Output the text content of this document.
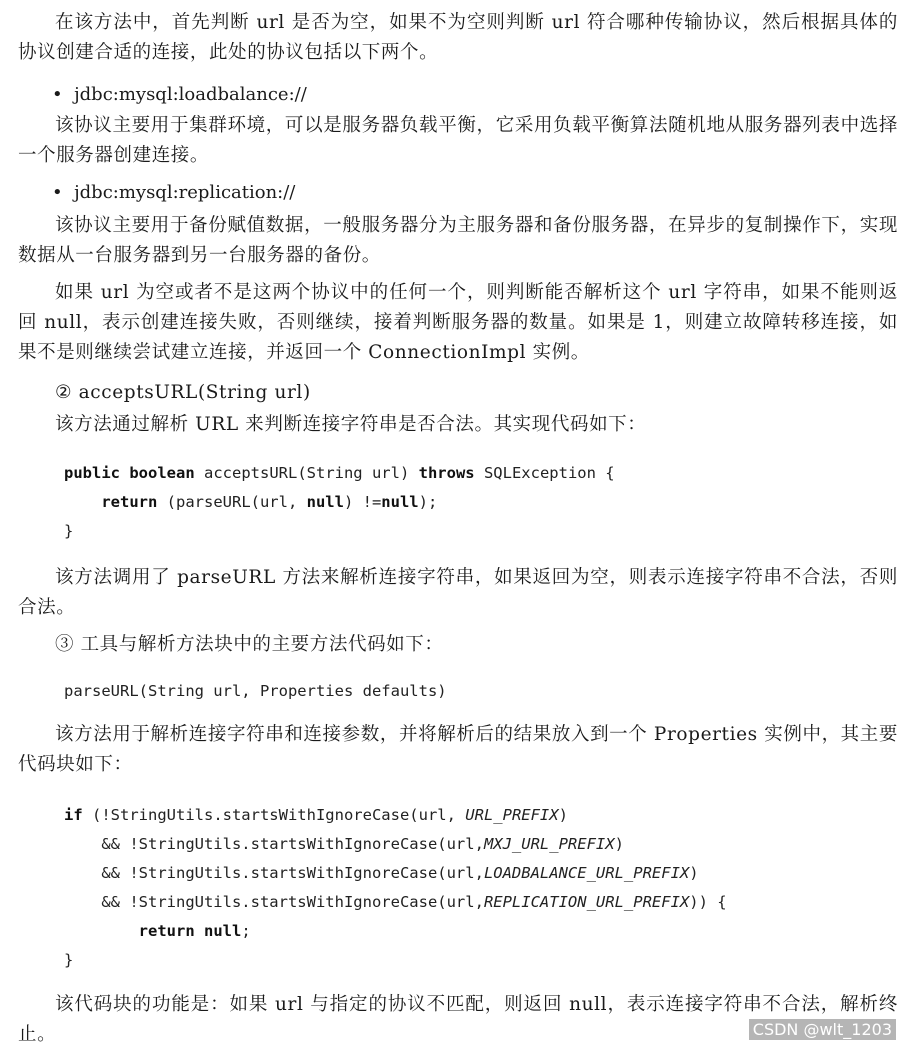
在该方法中，首先判断 url 是否为空，如果不为空则判断 url 符合哪种传输协议，然后根据具体的协议创建合适的连接，此处的协议包括以下两个。
•  jdbc:mysql:loadbalance://
该协议主要用于集群环境，可以是服务器负载平衡，它采用负载平衡算法随机地从服务器列表中选择一个服务器创建连接。
•  jdbc:mysql:replication://
该协议主要用于备份赋值数据，一般服务器分为主服务器和备份服务器，在异步的复制操作下，实现数据从一台服务器到另一台服务器的备份。
如果 url 为空或者不是这两个协议中的任何一个，则判断能否解析这个 url 字符串，如果不能则返回 null，表示创建连接失败，否则继续，接着判断服务器的数量。如果是 1，则建立故障转移连接，如果不是则继续尝试建立连接，并返回一个 ConnectionImpl 实例。
② acceptsURL(String url)
该方法通过解析 URL 来判断连接字符串是否合法。其实现代码如下：
public boolean acceptsURL(String url) throws SQLException {
return (parseURL(url, null) !=null);
}
该方法调用了 parseURL 方法来解析连接字符串，如果返回为空，则表示连接字符串不合法，否则合法。
③ 工具与解析方法块中的主要方法代码如下：
parseURL(String url, Properties defaults)
该方法用于解析连接字符串和连接参数，并将解析后的结果放入到一个 Properties 实例中，其主要代码块如下：
if (!StringUtils.startsWithIgnoreCase(url, URL_PREFIX)
&& !StringUtils.startsWithIgnoreCase(url,MXJ_URL_PREFIX)
&& !StringUtils.startsWithIgnoreCase(url,LOADBALANCE_URL_PREFIX)
&& !StringUtils.startsWithIgnoreCase(url,REPLICATION_URL_PREFIX)) {
return null;
}
该代码块的功能是：如果 url 与指定的协议不匹配，则返回 null，表示连接字符串不合法，解析终止。	CSDN @wlt_1203
